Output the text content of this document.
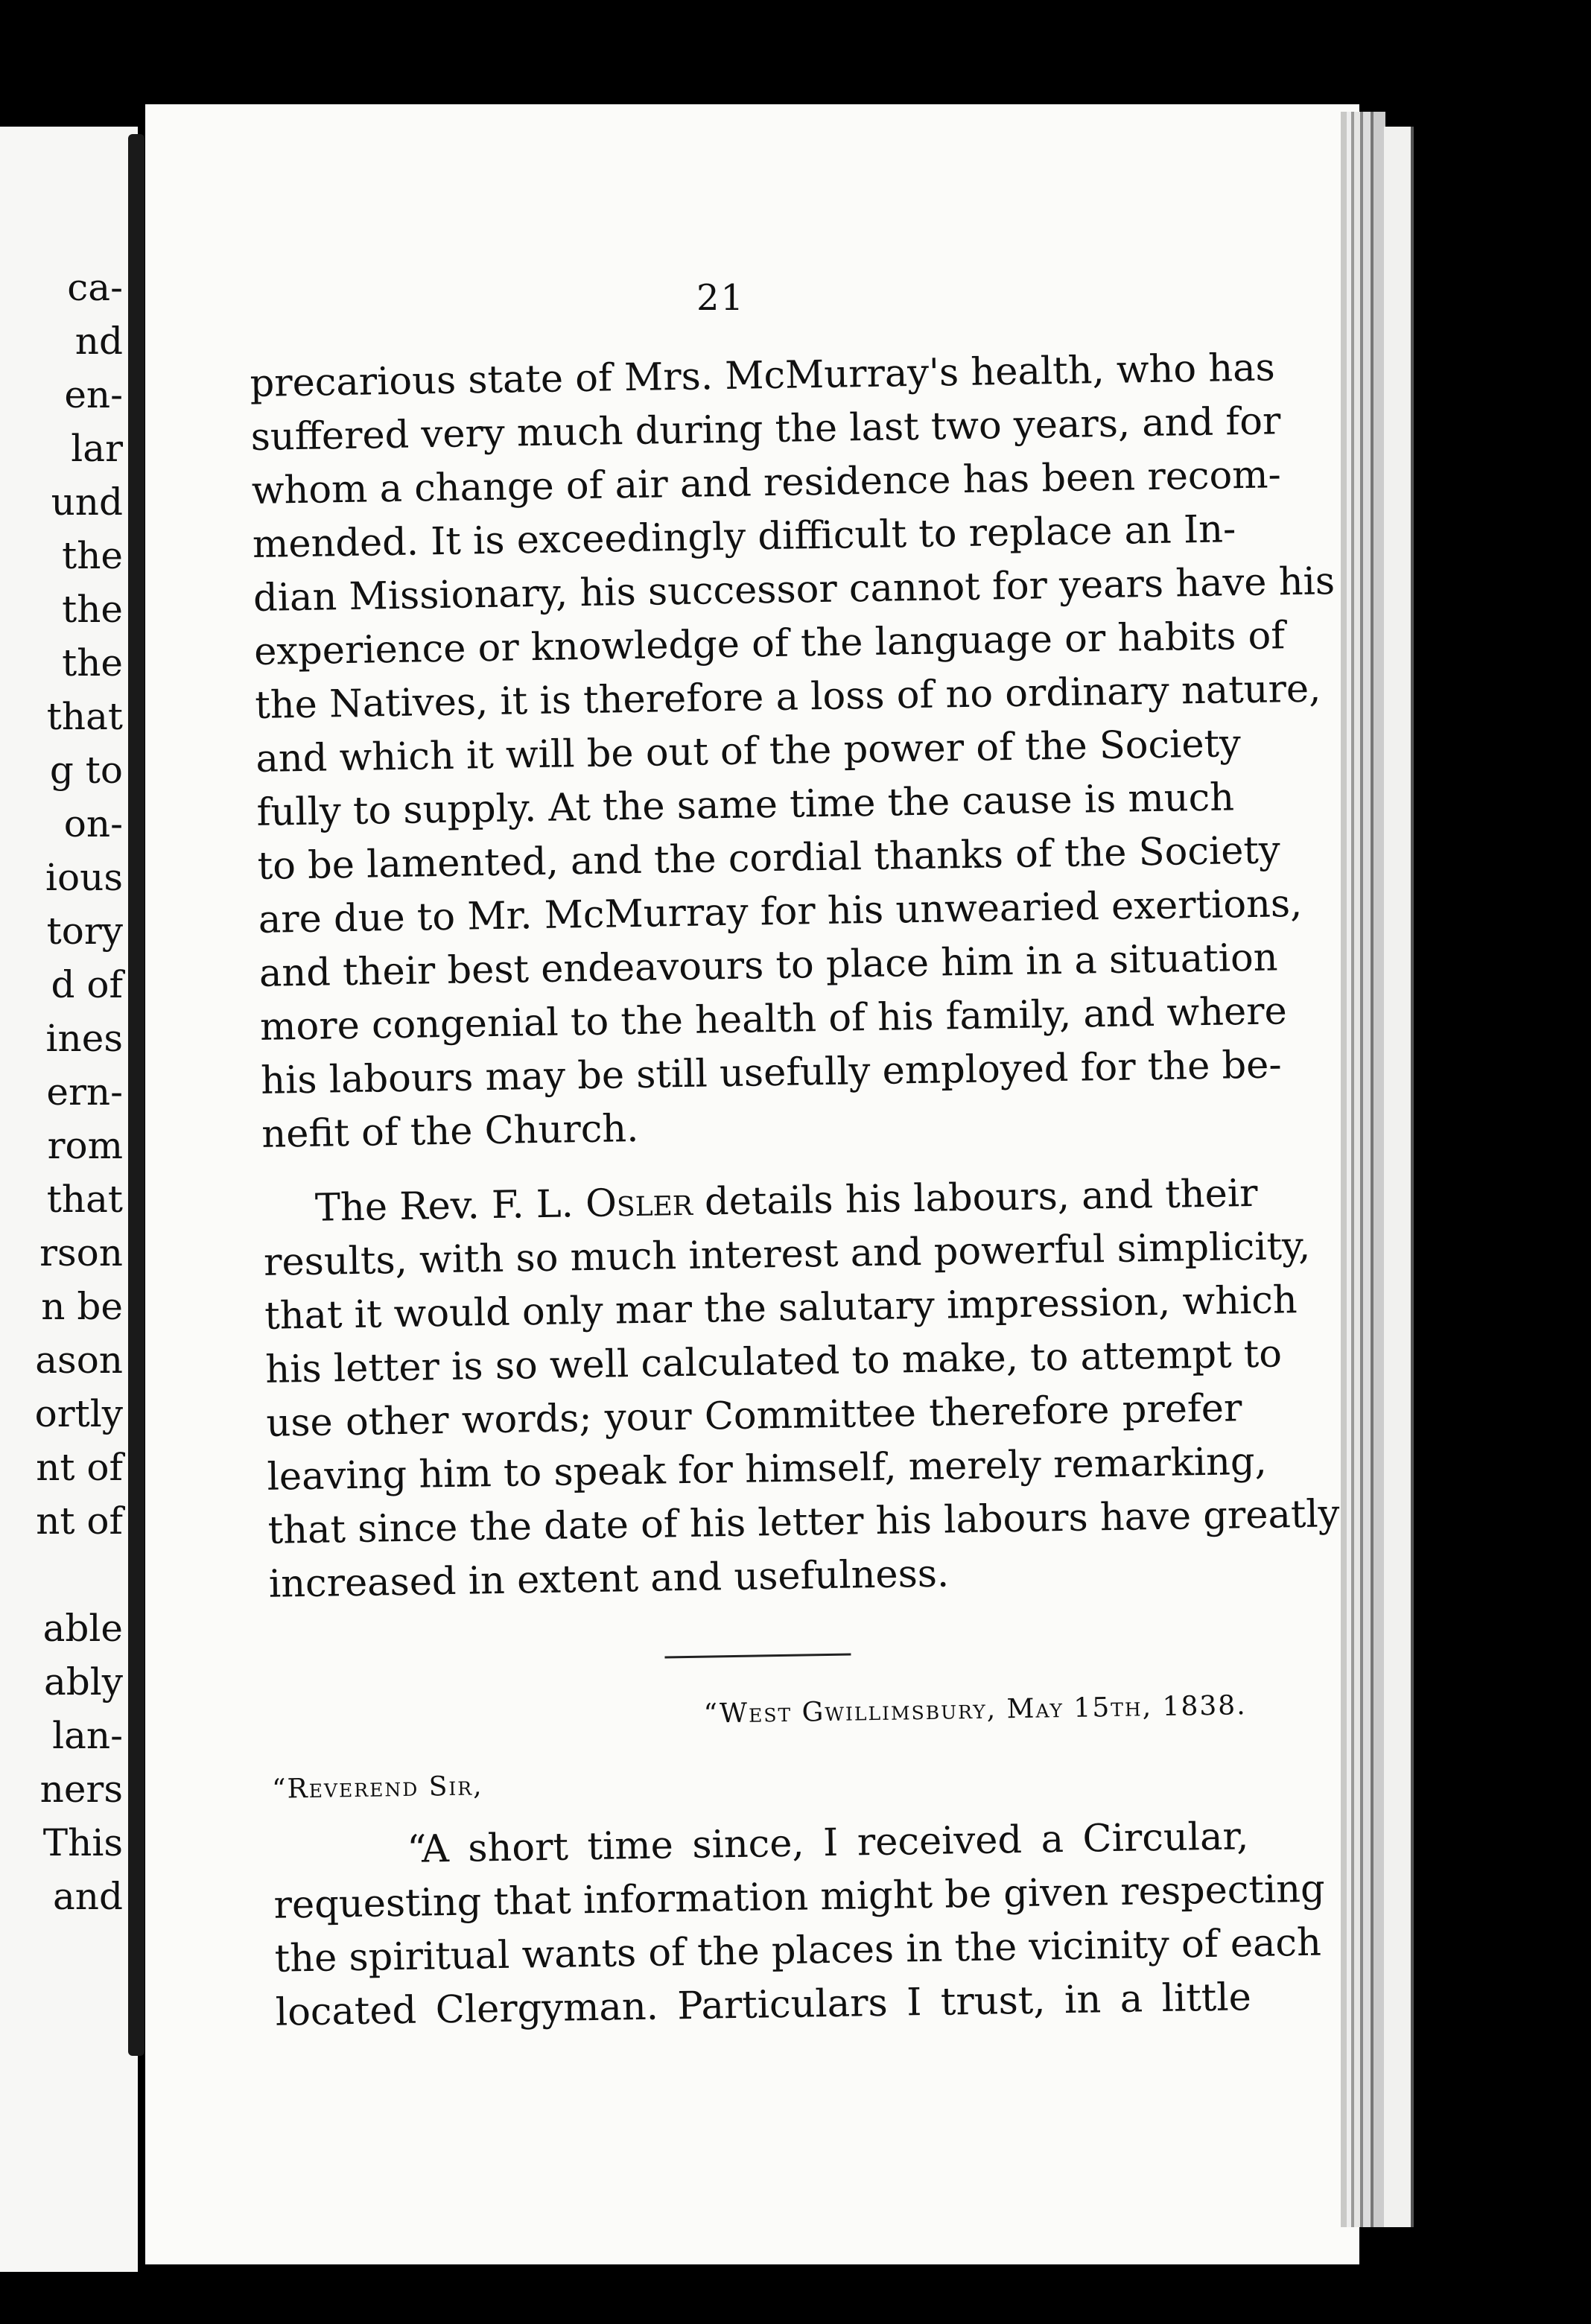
ca-
nd
en-
lar
und
the
the
the
that
g to
on-
ious
tory
d of
ines
ern-
rom
that
rson
n be
ason
ortly
nt of
nt of
able
ably
lan-
ners
This
and
21
precarious state of Mrs. McMurray's health, who has
suffered very much during the last two years, and for
whom a change of air and residence has been recom-
mended. It is exceedingly difficult to replace an In-
dian Missionary, his successor cannot for years have his
experience or knowledge of the language or habits of
the Natives, it is therefore a loss of no ordinary nature,
and which it will be out of the power of the Society
fully to supply. At the same time the cause is much
to be lamented, and the cordial thanks of the Society
are due to Mr. McMurray for his unwearied exertions,
and their best endeavours to place him in a situation
more congenial to the health of his family, and where
his labours may be still usefully employed for the be-
nefit of the Church.
The Rev. F. L. Osler details his labours, and their
results, with so much interest and powerful simplicity,
that it would only mar the salutary impression, which
his letter is so well calculated to make, to attempt to
use other words; your Committee therefore prefer
leaving him to speak for himself, merely remarking,
that since the date of his letter his labours have greatly
increased in extent and usefulness.
“West Gwillimsbury, May 15th, 1838.
“Reverend Sir,
“A short time since, I received a Circular,
requesting that information might be given respecting
the spiritual wants of the places in the vicinity of each
located Clergyman. Particulars I trust, in a little
